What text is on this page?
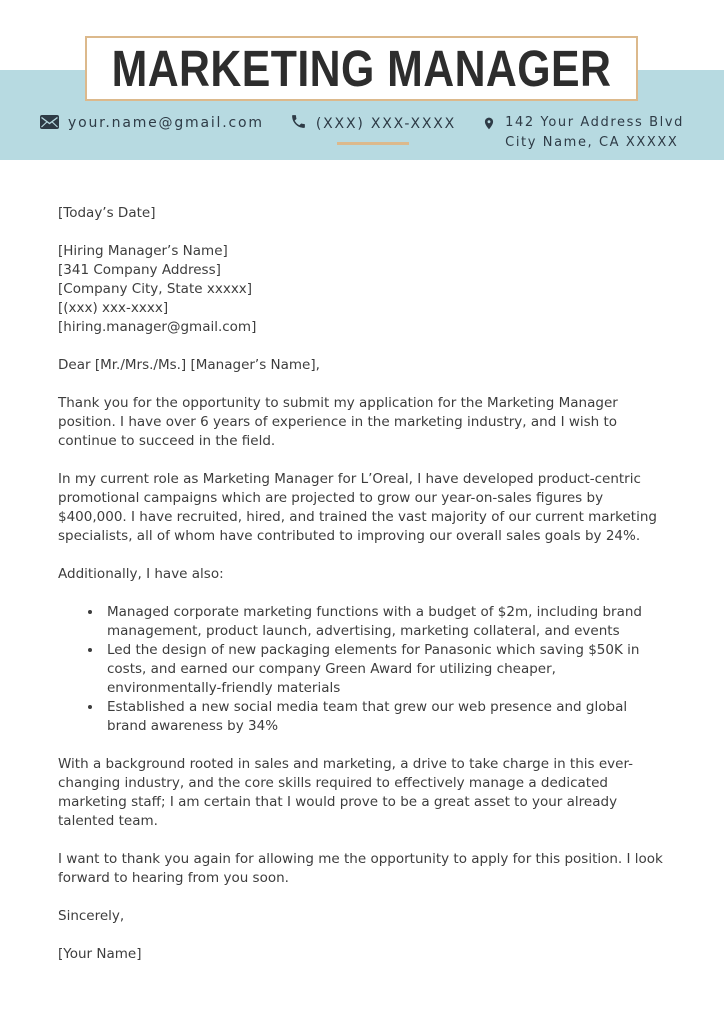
MARKETING MANAGER
your.name@gmail.com	(XXX) XXX-XXXX	142 Your Address Blvd
City Name, CA XXXXX

[Today’s Date]

[Hiring Manager’s Name]
[341 Company Address]
[Company City, State xxxxx]
[(xxx) xxx-xxxx]
[hiring.manager@gmail.com]

Dear [Mr./Mrs./Ms.] [Manager’s Name],

Thank you for the opportunity to submit my application for the Marketing Manager position. I have over 6 years of experience in the marketing industry, and I wish to continue to succeed in the field.

In my current role as Marketing Manager for L’Oreal, I have developed product-centric promotional campaigns which are projected to grow our year-on-sales figures by $400,000. I have recruited, hired, and trained the vast majority of our current marketing specialists, all of whom have contributed to improving our overall sales goals by 24%.

Additionally, I have also:

• Managed corporate marketing functions with a budget of $2m, including brand management, product launch, advertising, marketing collateral, and events
• Led the design of new packaging elements for Panasonic which saving $50K in costs, and earned our company Green Award for utilizing cheaper, environmentally-friendly materials
• Established a new social media team that grew our web presence and global brand awareness by 34%

With a background rooted in sales and marketing, a drive to take charge in this ever-changing industry, and the core skills required to effectively manage a dedicated marketing staff; I am certain that I would prove to be a great asset to your already talented team.

I want to thank you again for allowing me the opportunity to apply for this position. I look forward to hearing from you soon.

Sincerely,

[Your Name]
